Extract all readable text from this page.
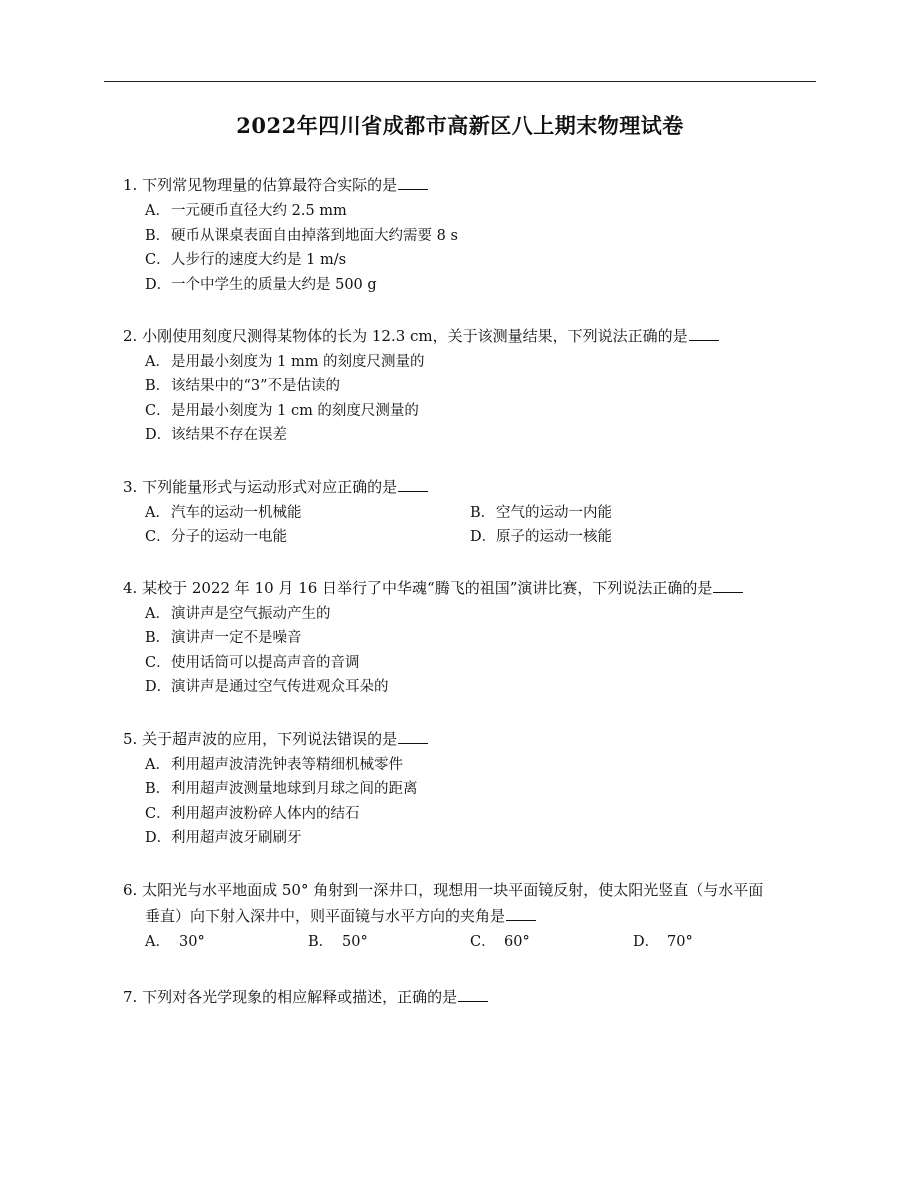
2022年四川省成都市高新区八上期末物理试卷
1. 下列常见物理量的估算最符合实际的是
A．一元硬币直径大约 2.5 mm
B．硬币从课桌表面自由掉落到地面大约需要 8 s
C．人步行的速度大约是 1 m/s
D．一个中学生的质量大约是 500 g
2. 小刚使用刻度尺测得某物体的长为 12.3 cm，关于该测量结果，下列说法正确的是
A．是用最小刻度为 1 mm 的刻度尺测量的
B．该结果中的“3”不是估读的
C．是用最小刻度为 1 cm 的刻度尺测量的
D．该结果不存在误差
3. 下列能量形式与运动形式对应正确的是
A．汽车的运动一机械能	B．空气的运动一内能
C．分子的运动一电能	D．原子的运动一核能
4. 某校于 2022 年 10 月 16 日举行了中华魂“腾飞的祖国”演讲比赛，下列说法正确的是
A．演讲声是空气振动产生的
B．演讲声一定不是噪音
C．使用话筒可以提高声音的音调
D．演讲声是通过空气传进观众耳朵的
5. 关于超声波的应用，下列说法错误的是
A．利用超声波清洗钟表等精细机械零件
B．利用超声波测量地球到月球之间的距离
C．利用超声波粉碎人体内的结石
D．利用超声波牙刷刷牙
6. 太阳光与水平地面成 50° 角射到一深井口，现想用一块平面镜反射，使太阳光竖直（与水平面
垂直）向下射入深井中，则平面镜与水平方向的夹角是
A． 30°	B． 50°	C． 60°	D． 70°
7. 下列对各光学现象的相应解释或描述，正确的是
